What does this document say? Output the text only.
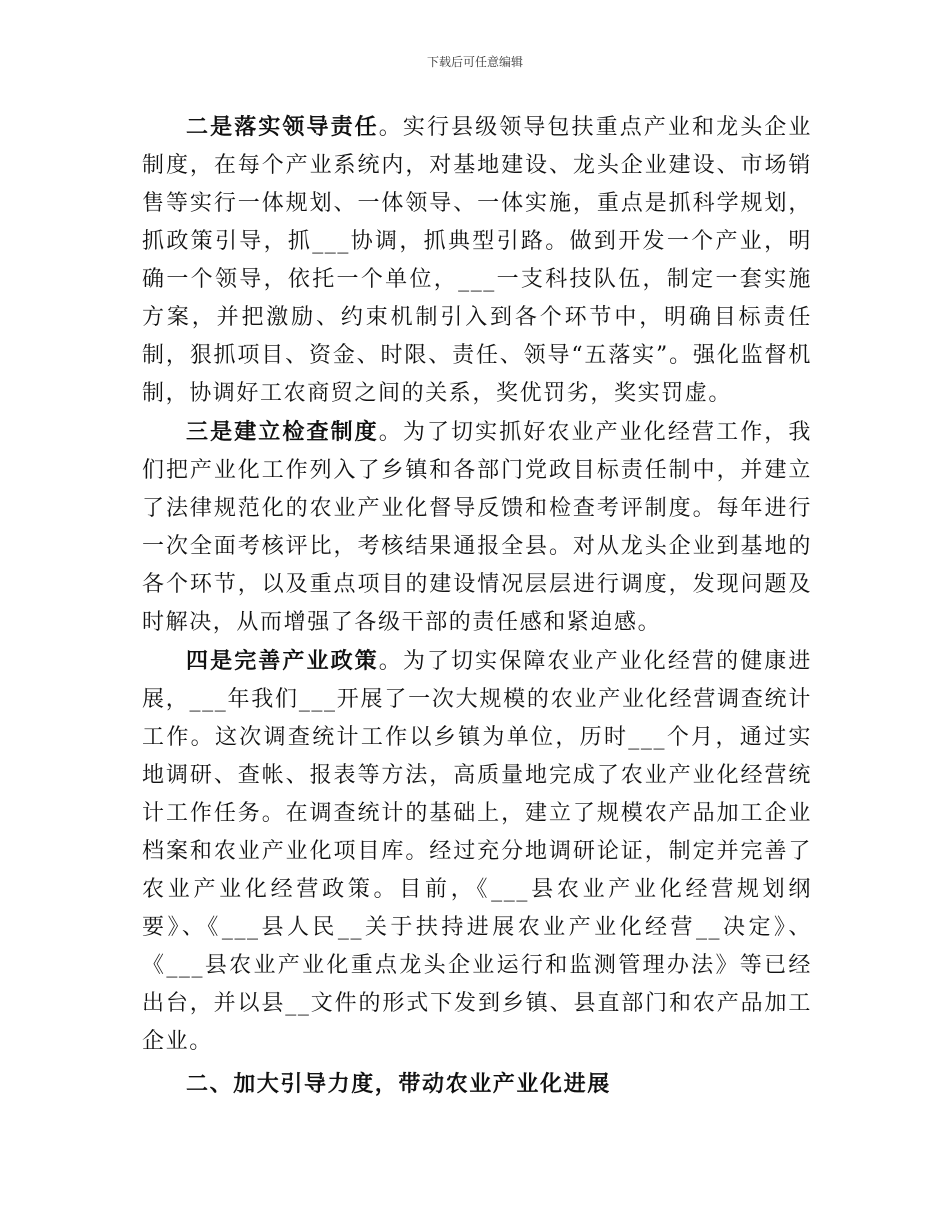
下载后可任意编辑

二是落实领导责任。实行县级领导包扶重点产业和龙头企业制度，在每个产业系统内，对基地建设、龙头企业建设、市场销售等实行一体规划、一体领导、一体实施，重点是抓科学规划，抓政策引导，抓___协调，抓典型引路。做到开发一个产业，明确一个领导，依托一个单位，___一支科技队伍，制定一套实施方案，并把激励、约束机制引入到各个环节中，明确目标责任制，狠抓项目、资金、时限、责任、领导“五落实”。强化监督机制，协调好工农商贸之间的关系，奖优罚劣，奖实罚虚。

三是建立检查制度。为了切实抓好农业产业化经营工作，我们把产业化工作列入了乡镇和各部门党政目标责任制中，并建立了法律规范化的农业产业化督导反馈和检查考评制度。每年进行一次全面考核评比，考核结果通报全县。对从龙头企业到基地的各个环节，以及重点项目的建设情况层层进行调度，发现问题及时解决，从而增强了各级干部的责任感和紧迫感。

四是完善产业政策。为了切实保障农业产业化经营的健康进展，___年我们___开展了一次大规模的农业产业化经营调查统计工作。这次调查统计工作以乡镇为单位，历时___个月，通过实地调研、查帐、报表等方法，高质量地完成了农业产业化经营统计工作任务。在调查统计的基础上，建立了规模农产品加工企业档案和农业产业化项目库。经过充分地调研论证，制定并完善了农业产业化经营政策。目前，《___县农业产业化经营规划纲要》、《___县人民__关于扶持进展农业产业化经营__决定》、《___县农业产业化重点龙头企业运行和监测管理办法》等已经出台，并以县__文件的形式下发到乡镇、县直部门和农产品加工企业。

二、加大引导力度，带动农业产业化进展
